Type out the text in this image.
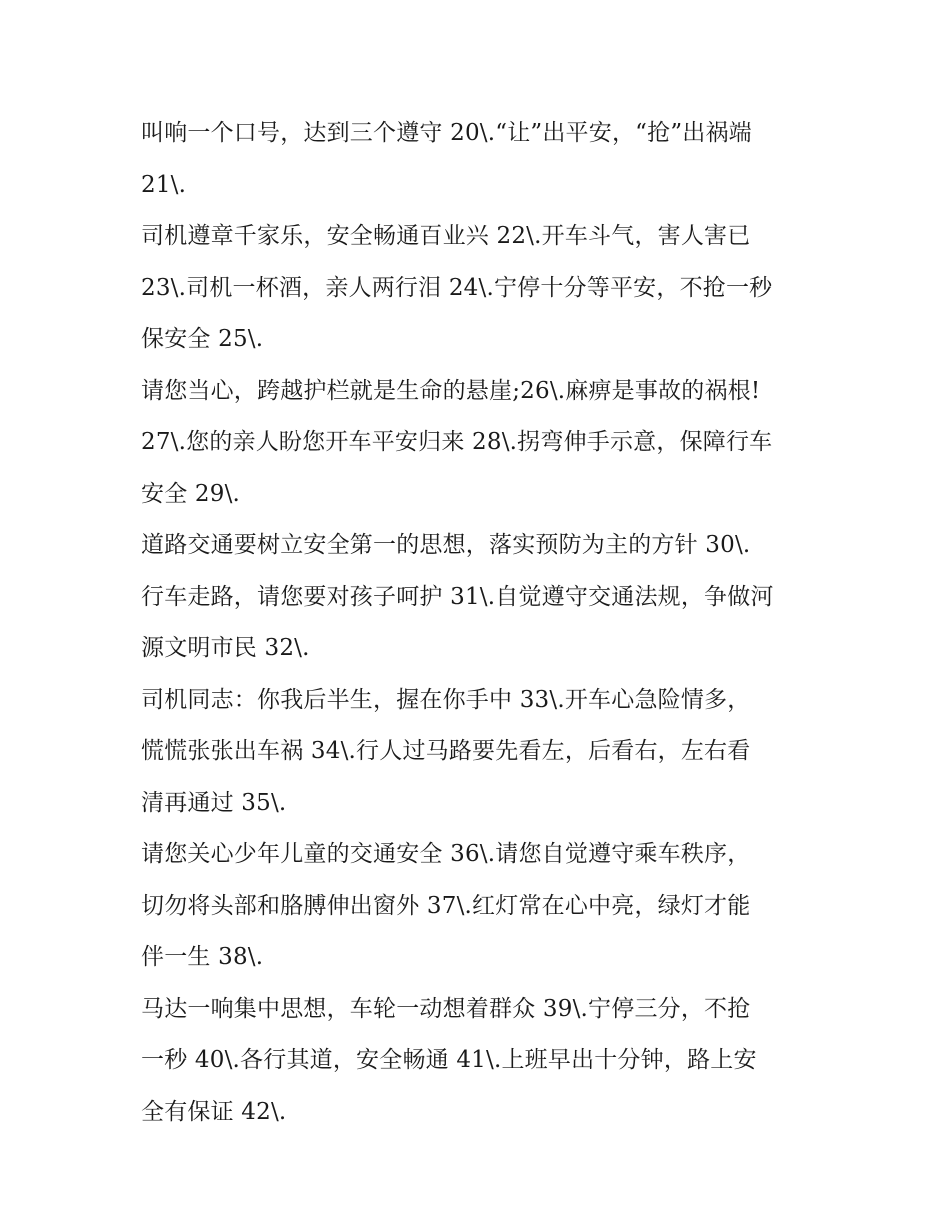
叫响一个口号，达到三个遵守 20\.“让”出平安，“抢”出祸端
21\.
司机遵章千家乐，安全畅通百业兴 22\.开车斗气，害人害已
23\.司机一杯酒，亲人两行泪 24\.宁停十分等平安，不抢一秒
保安全 25\.
请您当心，跨越护栏就是生命的悬崖;26\.麻痹是事故的祸根!
27\.您的亲人盼您开车平安归来 28\.拐弯伸手示意，保障行车
安全 29\.
道路交通要树立安全第一的思想，落实预防为主的方针 30\.
行车走路，请您要对孩子呵护 31\.自觉遵守交通法规，争做河
源文明市民 32\.
司机同志：你我后半生，握在你手中 33\.开车心急险情多，
慌慌张张出车祸 34\.行人过马路要先看左，后看右，左右看
清再通过 35\.
请您关心少年儿童的交通安全 36\.请您自觉遵守乘车秩序，
切勿将头部和胳膊伸出窗外 37\.红灯常在心中亮，绿灯才能
伴一生 38\.
马达一响集中思想，车轮一动想着群众 39\.宁停三分，不抢
一秒 40\.各行其道，安全畅通 41\.上班早出十分钟，路上安
全有保证 42\.
